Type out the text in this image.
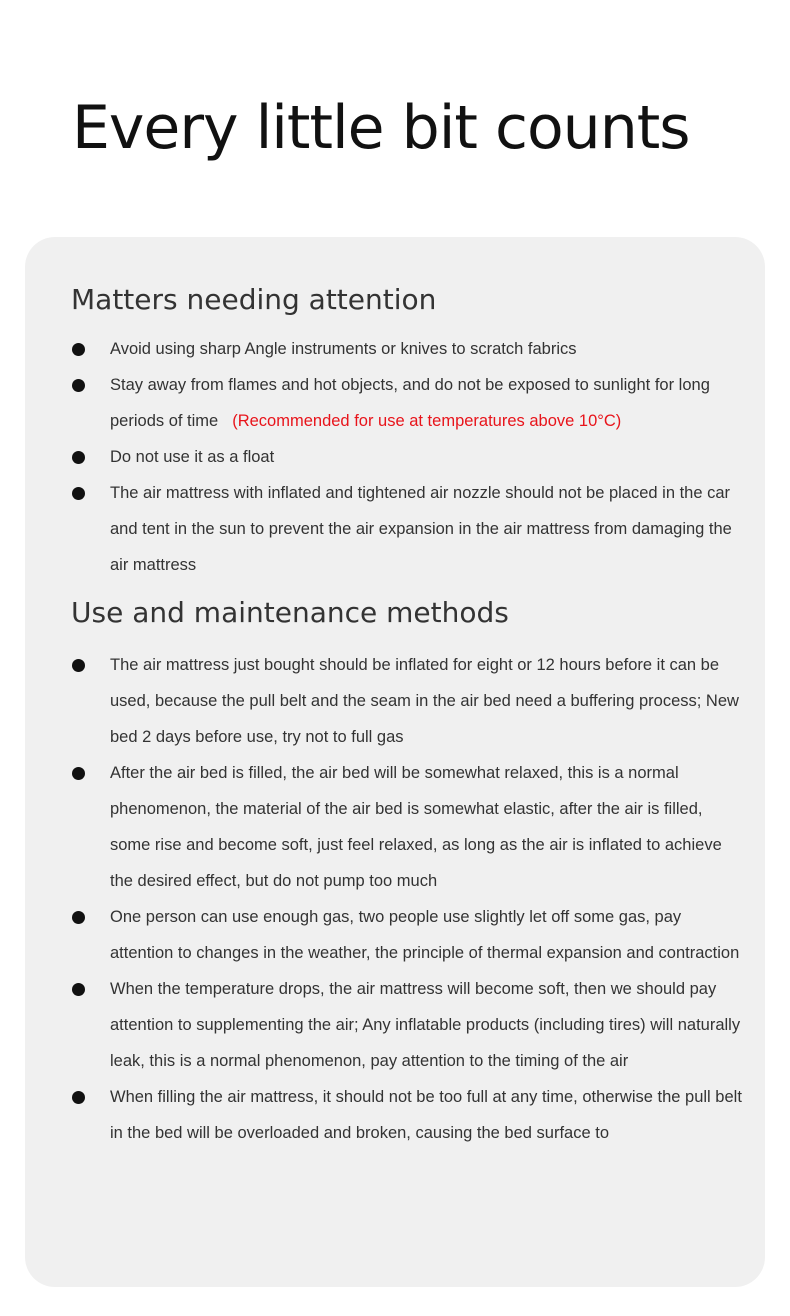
Every little bit counts
Matters needing attention
Avoid using sharp Angle instruments or knives to scratch fabrics
Stay away from flames and hot objects, and do not be exposed to sunlight for long periods of time (Recommended for use at temperatures above 10°C)
Do not use it as a float
The air mattress with inflated and tightened air nozzle should not be placed in the car and tent in the sun to prevent the air expansion in the air mattress from damaging the air mattress
Use and maintenance methods
The air mattress just bought should be inflated for eight or 12 hours before it can be used, because the pull belt and the seam in the air bed need a buffering process; New bed 2 days before use, try not to full gas
After the air bed is filled, the air bed will be somewhat relaxed, this is a normal phenomenon, the material of the air bed is somewhat elastic, after the air is filled, some rise and become soft, just feel relaxed, as long as the air is inflated to achieve the desired effect, but do not pump too much
One person can use enough gas, two people use slightly let off some gas, pay attention to changes in the weather, the principle of thermal expansion and contraction
When the temperature drops, the air mattress will become soft, then we should pay attention to supplementing the air; Any inflatable products (including tires) will naturally leak, this is a normal phenomenon, pay attention to the timing of the air
When filling the air mattress, it should not be too full at any time, otherwise the pull belt in the bed will be overloaded and broken, causing the bed surface to
